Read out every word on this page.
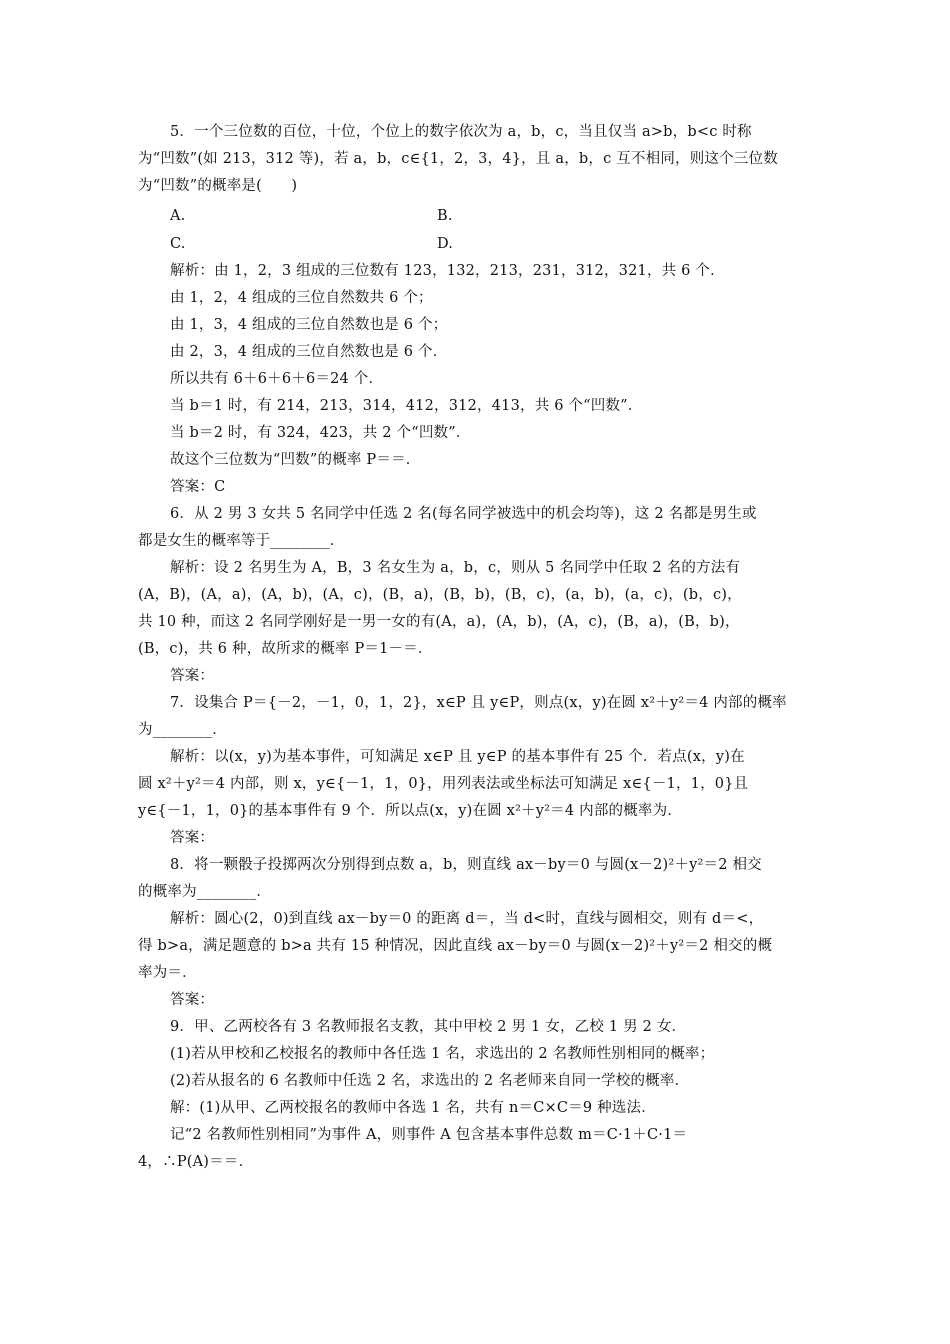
5．一个三位数的百位，十位，个位上的数字依次为 a，b，c，当且仅当 a>b，b<c 时称
为“凹数”(如 213，312 等)，若 a，b，c∈{1，2，3，4}，且 a，b，c 互不相同，则这个三位数
为“凹数”的概率是(　　)
A.	B.
C.	D.
解析：由 1，2，3 组成的三位数有 123，132，213，231，312，321，共 6 个．
由 1，2，4 组成的三位自然数共 6 个；
由 1，3，4 组成的三位自然数也是 6 个；
由 2，3，4 组成的三位自然数也是 6 个．
所以共有 6＋6＋6＋6＝24 个．
当 b＝1 时，有 214，213，314，412，312，413，共 6 个“凹数”．
当 b＝2 时，有 324，423，共 2 个“凹数”．
故这个三位数为“凹数”的概率 P＝＝．
答案：C
6．从 2 男 3 女共 5 名同学中任选 2 名(每名同学被选中的机会均等)，这 2 名都是男生或
都是女生的概率等于________．
解析：设 2 名男生为 A，B，3 名女生为 a，b，c，则从 5 名同学中任取 2 名的方法有
(A，B)，(A，a)，(A，b)，(A，c)，(B，a)，(B，b)，(B，c)，(a，b)，(a，c)，(b，c)，
共 10 种，而这 2 名同学刚好是一男一女的有(A，a)，(A，b)，(A，c)，(B，a)，(B，b)，
(B，c)，共 6 种，故所求的概率 P＝1－＝．
答案：
7．设集合 P＝{－2，－1，0，1，2}，x∈P 且 y∈P，则点(x，y)在圆 x²＋y²＝4 内部的概率
为________．
解析：以(x，y)为基本事件，可知满足 x∈P 且 y∈P 的基本事件有 25 个．若点(x，y)在
圆 x²＋y²＝4 内部，则 x，y∈{－1，1，0}，用列表法或坐标法可知满足 x∈{－1，1，0}且
y∈{－1，1，0}的基本事件有 9 个．所以点(x，y)在圆 x²＋y²＝4 内部的概率为．
答案：
8．将一颗骰子投掷两次分别得到点数 a，b，则直线 ax－by＝0 与圆(x－2)²＋y²＝2 相交
的概率为________．
解析：圆心(2，0)到直线 ax－by＝0 的距离 d＝，当 d<时，直线与圆相交，则有 d＝<，
得 b>a，满足题意的 b>a 共有 15 种情况，因此直线 ax－by＝0 与圆(x－2)²＋y²＝2 相交的概
率为＝．
答案：
9．甲、乙两校各有 3 名教师报名支教，其中甲校 2 男 1 女，乙校 1 男 2 女．
(1)若从甲校和乙校报名的教师中各任选 1 名，求选出的 2 名教师性别相同的概率；
(2)若从报名的 6 名教师中任选 2 名，求选出的 2 名老师来自同一学校的概率．
解：(1)从甲、乙两校报名的教师中各选 1 名，共有 n＝C×C＝9 种选法．
记“2 名教师性别相同”为事件 A，则事件 A 包含基本事件总数 m＝C·1＋C·1＝
4，∴P(A)＝＝．
